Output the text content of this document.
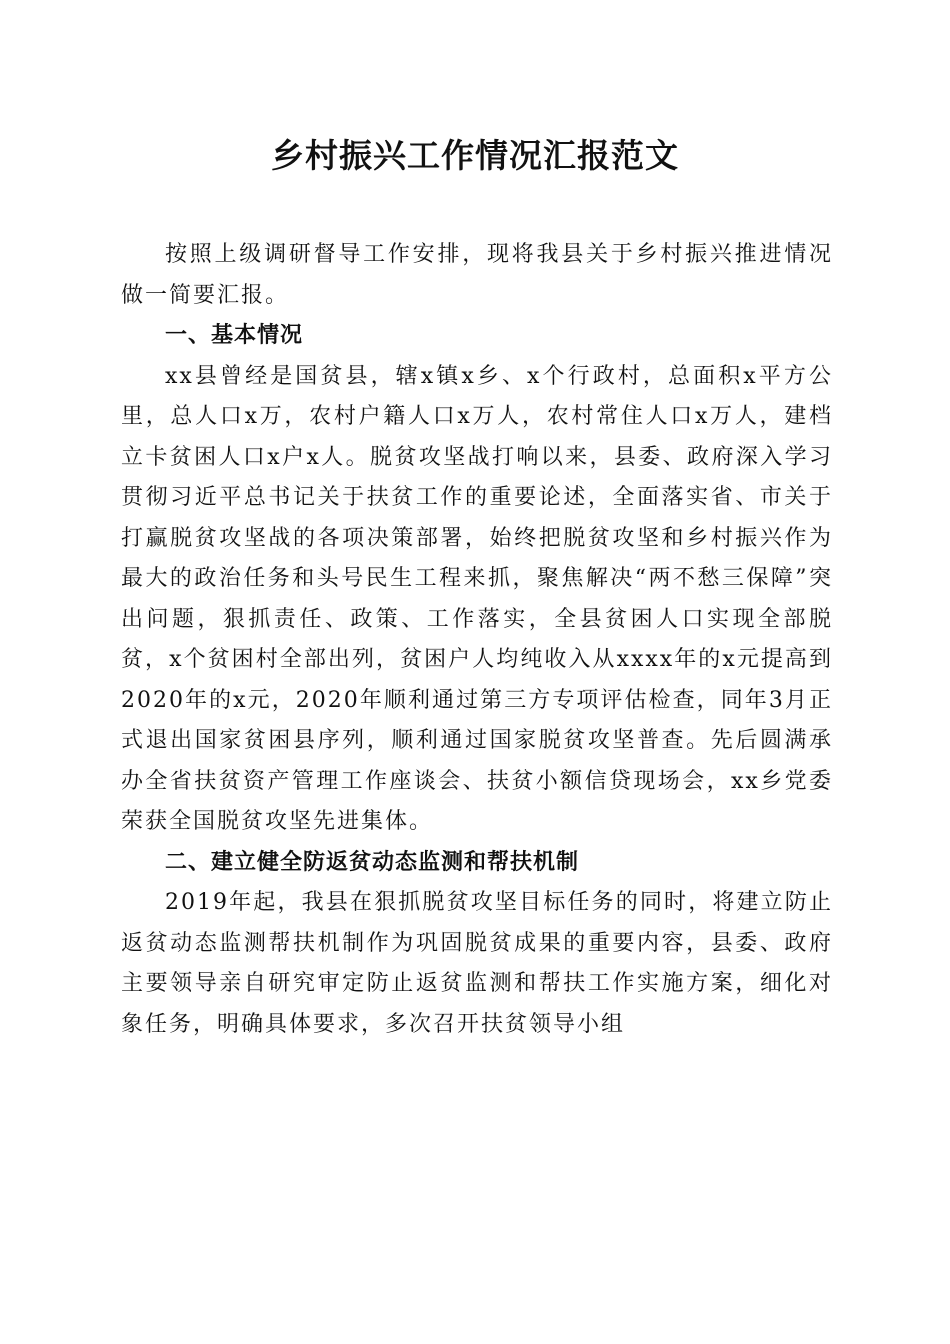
乡村振兴工作情况汇报范文

按照上级调研督导工作安排，现将我县关于乡村振兴推进情况做一简要汇报。

一、基本情况

xx县曾经是国贫县，辖x镇x乡、x个行政村，总面积x平方公里，总人口x万，农村户籍人口x万人，农村常住人口x万人，建档立卡贫困人口x户x人。脱贫攻坚战打响以来，县委、政府深入学习贯彻习近平总书记关于扶贫工作的重要论述，全面落实省、市关于打赢脱贫攻坚战的各项决策部署，始终把脱贫攻坚和乡村振兴作为最大的政治任务和头号民生工程来抓，聚焦解决“两不愁三保障”突出问题，狠抓责任、政策、工作落实，全县贫困人口实现全部脱贫，x个贫困村全部出列，贫困户人均纯收入从xxxx年的x元提高到2020年的x元，2020年顺利通过第三方专项评估检查，同年3月正式退出国家贫困县序列，顺利通过国家脱贫攻坚普查。先后圆满承办全省扶贫资产管理工作座谈会、扶贫小额信贷现场会，xx乡党委荣获全国脱贫攻坚先进集体。

二、建立健全防返贫动态监测和帮扶机制

2019年起，我县在狠抓脱贫攻坚目标任务的同时，将建立防止返贫动态监测帮扶机制作为巩固脱贫成果的重要内容，县委、政府主要领导亲自研究审定防止返贫监测和帮扶工作实施方案，细化对象任务，明确具体要求，多次召开扶贫领导小组
